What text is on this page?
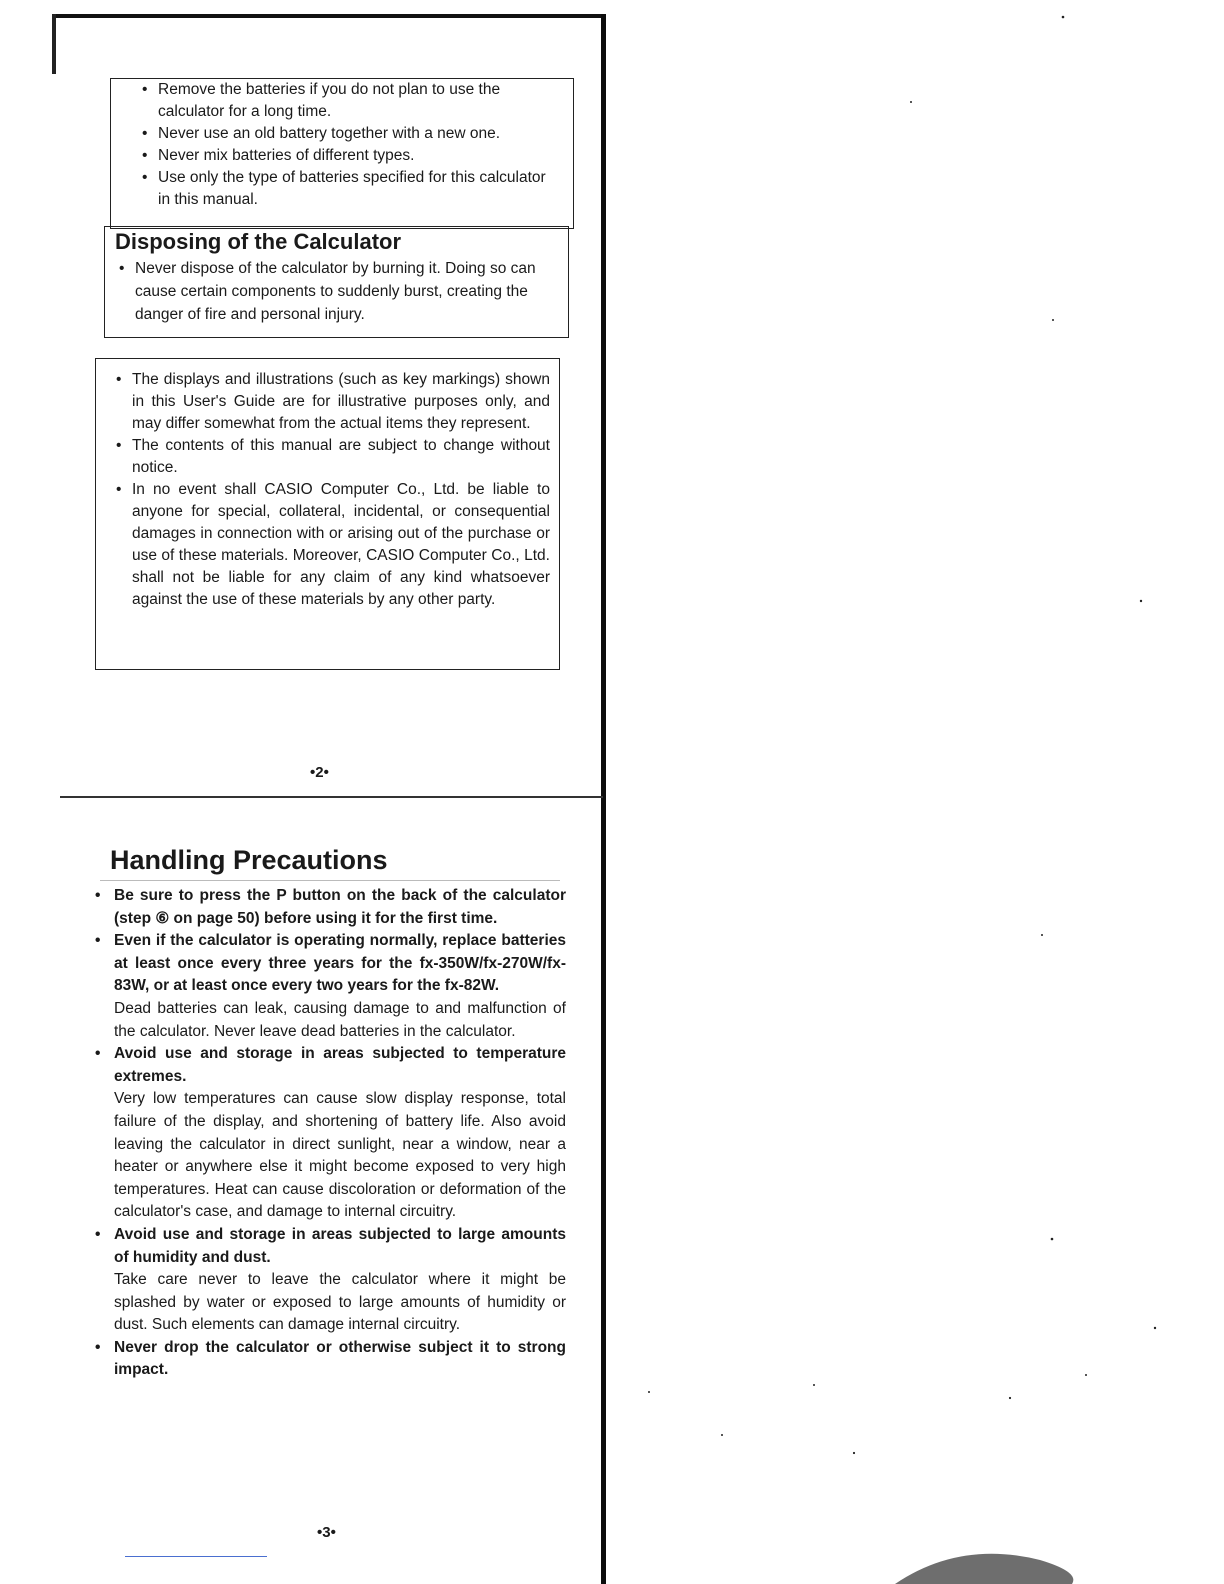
• Remove the batteries if you do not plan to use the calculator for a long time.
• Never use an old battery together with a new one.
• Never mix batteries of different types.
• Use only the type of batteries specified for this calculator in this manual.
Disposing of the Calculator
• Never dispose of the calculator by burning it. Doing so can cause certain components to suddenly burst, creating the danger of fire and personal injury.
• The displays and illustrations (such as key markings) shown in this User's Guide are for illustrative purposes only, and may differ somewhat from the actual items they represent.
• The contents of this manual are subject to change without notice.
• In no event shall CASIO Computer Co., Ltd. be liable to anyone for special, collateral, incidental, or consequential damages in connection with or arising out of the purchase or use of these materials. Moreover, CASIO Computer Co., Ltd. shall not be liable for any claim of any kind whatsoever against the use of these materials by any other party.
•2•
Handling Precautions
• Be sure to press the P button on the back of the calculator (step ⑥ on page 50) before using it for the first time.
• Even if the calculator is operating normally, replace batteries at least once every three years for the fx-350W/fx-270W/fx-83W, or at least once every two years for the fx-82W.
Dead batteries can leak, causing damage to and malfunction of the calculator. Never leave dead batteries in the calculator.
• Avoid use and storage in areas subjected to temperature extremes.
Very low temperatures can cause slow display response, total failure of the display, and shortening of battery life. Also avoid leaving the calculator in direct sunlight, near a window, near a heater or anywhere else it might become exposed to very high temperatures. Heat can cause discoloration or deformation of the calculator's case, and damage to internal circuitry.
• Avoid use and storage in areas subjected to large amounts of humidity and dust.
Take care never to leave the calculator where it might be splashed by water or exposed to large amounts of humidity or dust. Such elements can damage internal circuitry.
• Never drop the calculator or otherwise subject it to strong impact.
•3•
